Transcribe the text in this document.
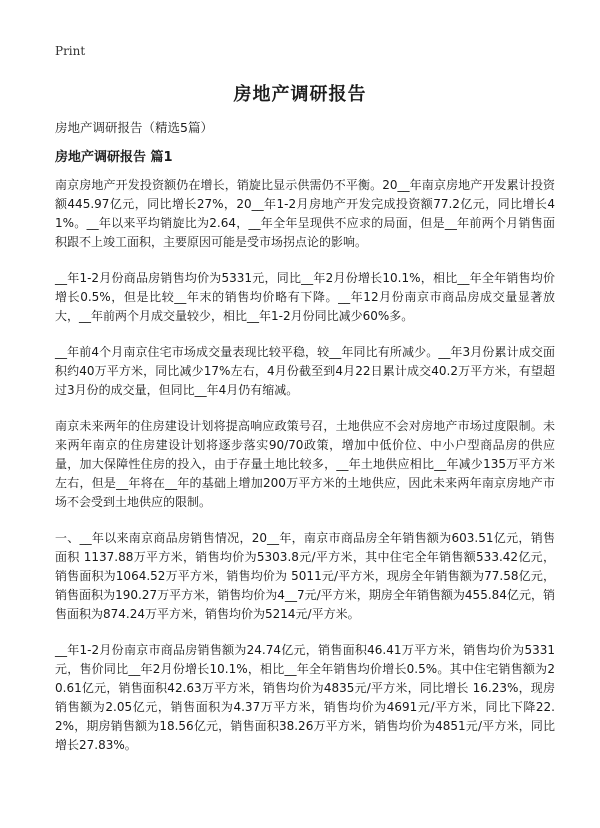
Print
房地产调研报告
房地产调研报告（精选5篇）
房地产调研报告 篇1
南京房地产开发投资额仍在增长，销旋比显示供需仍不平衡。20__年南京房地产开发累计投资额445.97亿元，同比增长27%，20__年1-2月房地产开发完成投资额77.2亿元，同比增长41%。__年以来平均销旋比为2.64，__年全年呈现供不应求的局面，但是__年前两个月销售面积跟不上竣工面积，主要原因可能是受市场拐点论的影响。
__年1-2月份商品房销售均价为5331元，同比__年2月份增长10.1%，相比__年全年销售均价增长0.5%，但是比较__年末的销售均价略有下降。__年12月份南京市商品房成交量显著放大，__年前两个月成交量较少，相比__年1-2月份同比减少60%多。
__年前4个月南京住宅市场成交量表现比较平稳，较__年同比有所减少。__年3月份累计成交面积约40万平方米，同比减少17%左右，4月份截至到4月22日累计成交40.2万平方米，有望超过3月份的成交量，但同比__年4月仍有缩减。
南京未来两年的住房建设计划将提高响应政策号召，土地供应不会对房地产市场过度限制。未来两年南京的住房建设计划将逐步落实90/70政策，增加中低价位、中小户型商品房的供应量，加大保障性住房的投入，由于存量土地比较多，__年土地供应相比__年减少135万平方米左右，但是__年将在__年的基础上增加200万平方米的土地供应，因此未来两年南京房地产市场不会受到土地供应的限制。
一、__年以来南京商品房销售情况，20__年，南京市商品房全年销售额为603.51亿元，销售面积 1137.88万平方米，销售均价为5303.8元/平方米，其中住宅全年销售额533.42亿元，销售面积为1064.52万平方米，销售均价为 5011元/平方米，现房全年销售额为77.58亿元，销售面积为190.27万平方米，销售均价为4__7元/平方米，期房全年销售额为455.84亿元，销售面积为874.24万平方米，销售均价为5214元/平方米。
__年1-2月份南京市商品房销售额为24.74亿元，销售面积46.41万平方米，销售均价为5331元，售价同比__年2月份增长10.1%，相比__年全年销售均价增长0.5%。其中住宅销售额为20.61亿元，销售面积42.63万平方米，销售均价为4835元/平方米，同比增长 16.23%，现房销售额为2.05亿元，销售面积为4.37万平方米，销售均价为4691元/平方米，同比下降22.2%，期房销售额为18.56亿元，销售面积38.26万平方米，销售均价为4851元/平方米，同比增长27.83%。
